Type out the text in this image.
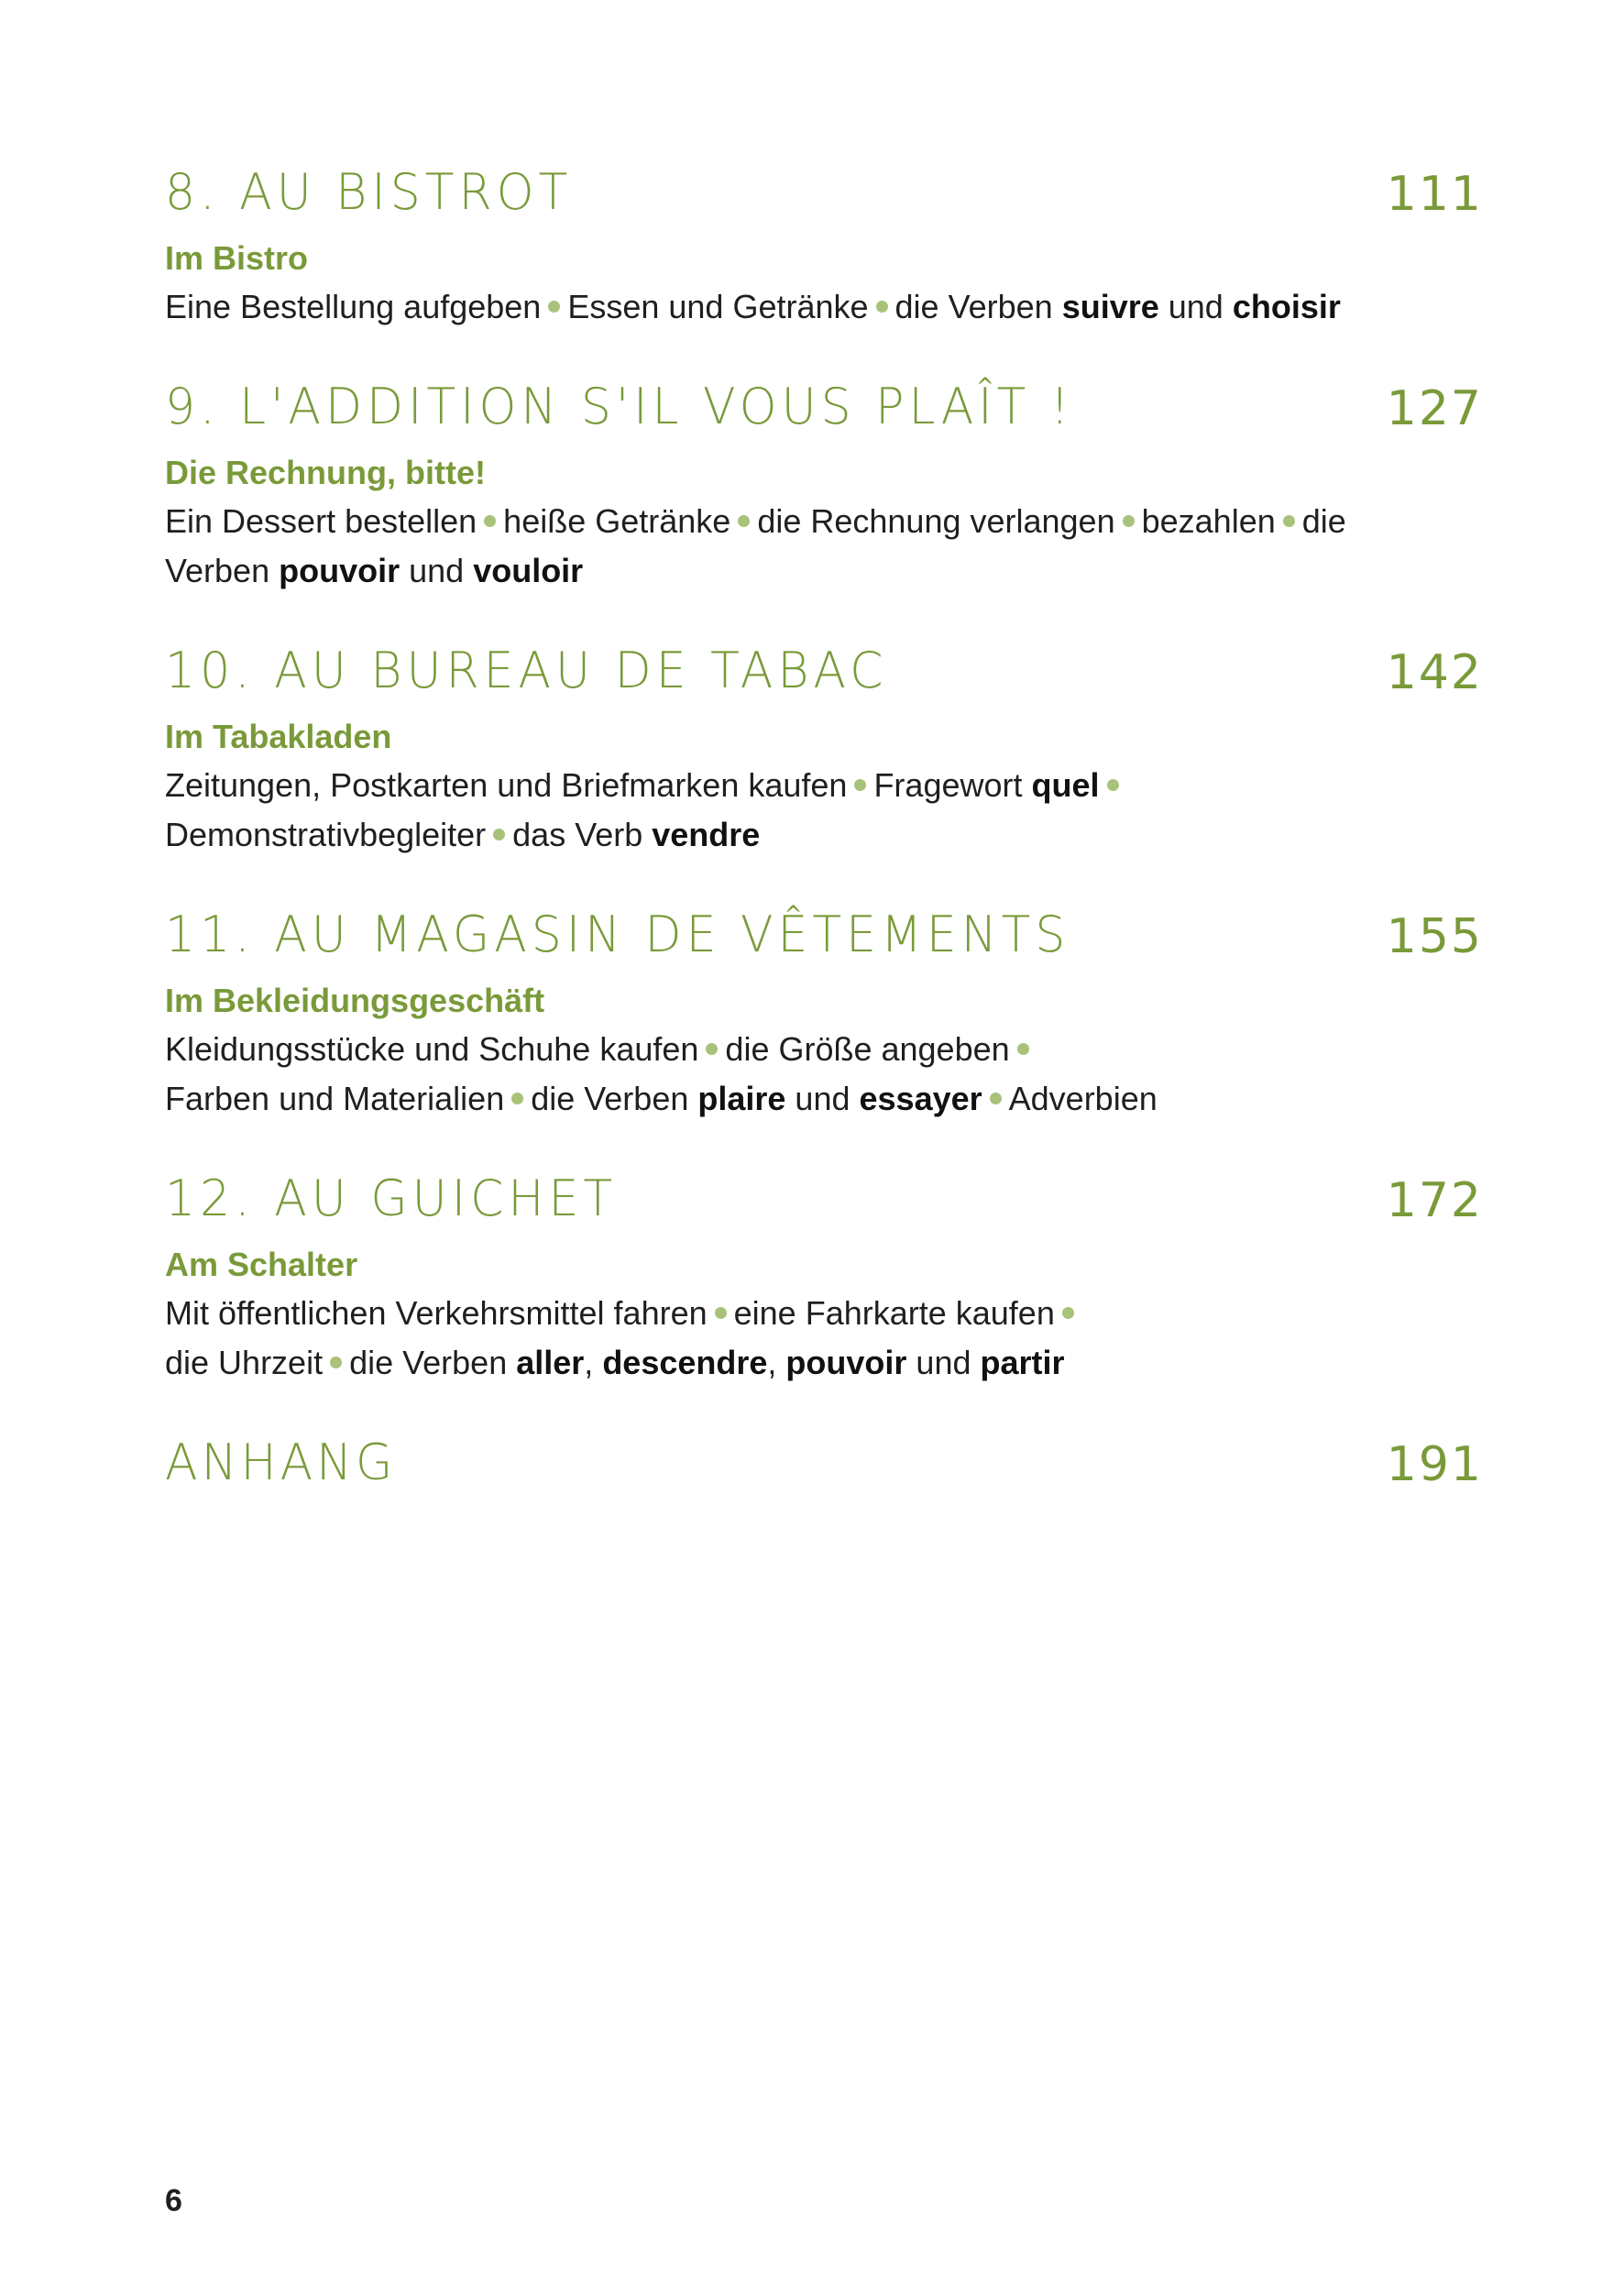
8. AU BISTROT	111
Im Bistro
Eine Bestellung aufgeben Essen und Getränke die Verben suivre und choisir
9. L'ADDITION S'IL VOUS PLAÎT !	127
Die Rechnung, bitte!
Ein Dessert bestellen heiße Getränke die Rechnung verlangen bezahlen die
Verben pouvoir und vouloir
10. AU BUREAU DE TABAC	142
Im Tabakladen
Zeitungen, Postkarten und Briefmarken kaufen Fragewort quel
Demonstrativbegleiter das Verb vendre
11. AU MAGASIN DE VÊTEMENTS	155
Im Bekleidungsgeschäft
Kleidungsstücke und Schuhe kaufen die Größe angeben
Farben und Materialien die Verben plaire und essayer Adverbien
12. AU GUICHET	172
Am Schalter
Mit öffentlichen Verkehrsmittel fahren eine Fahrkarte kaufen
die Uhrzeit die Verben aller, descendre, pouvoir und partir
ANHANG	191
6
